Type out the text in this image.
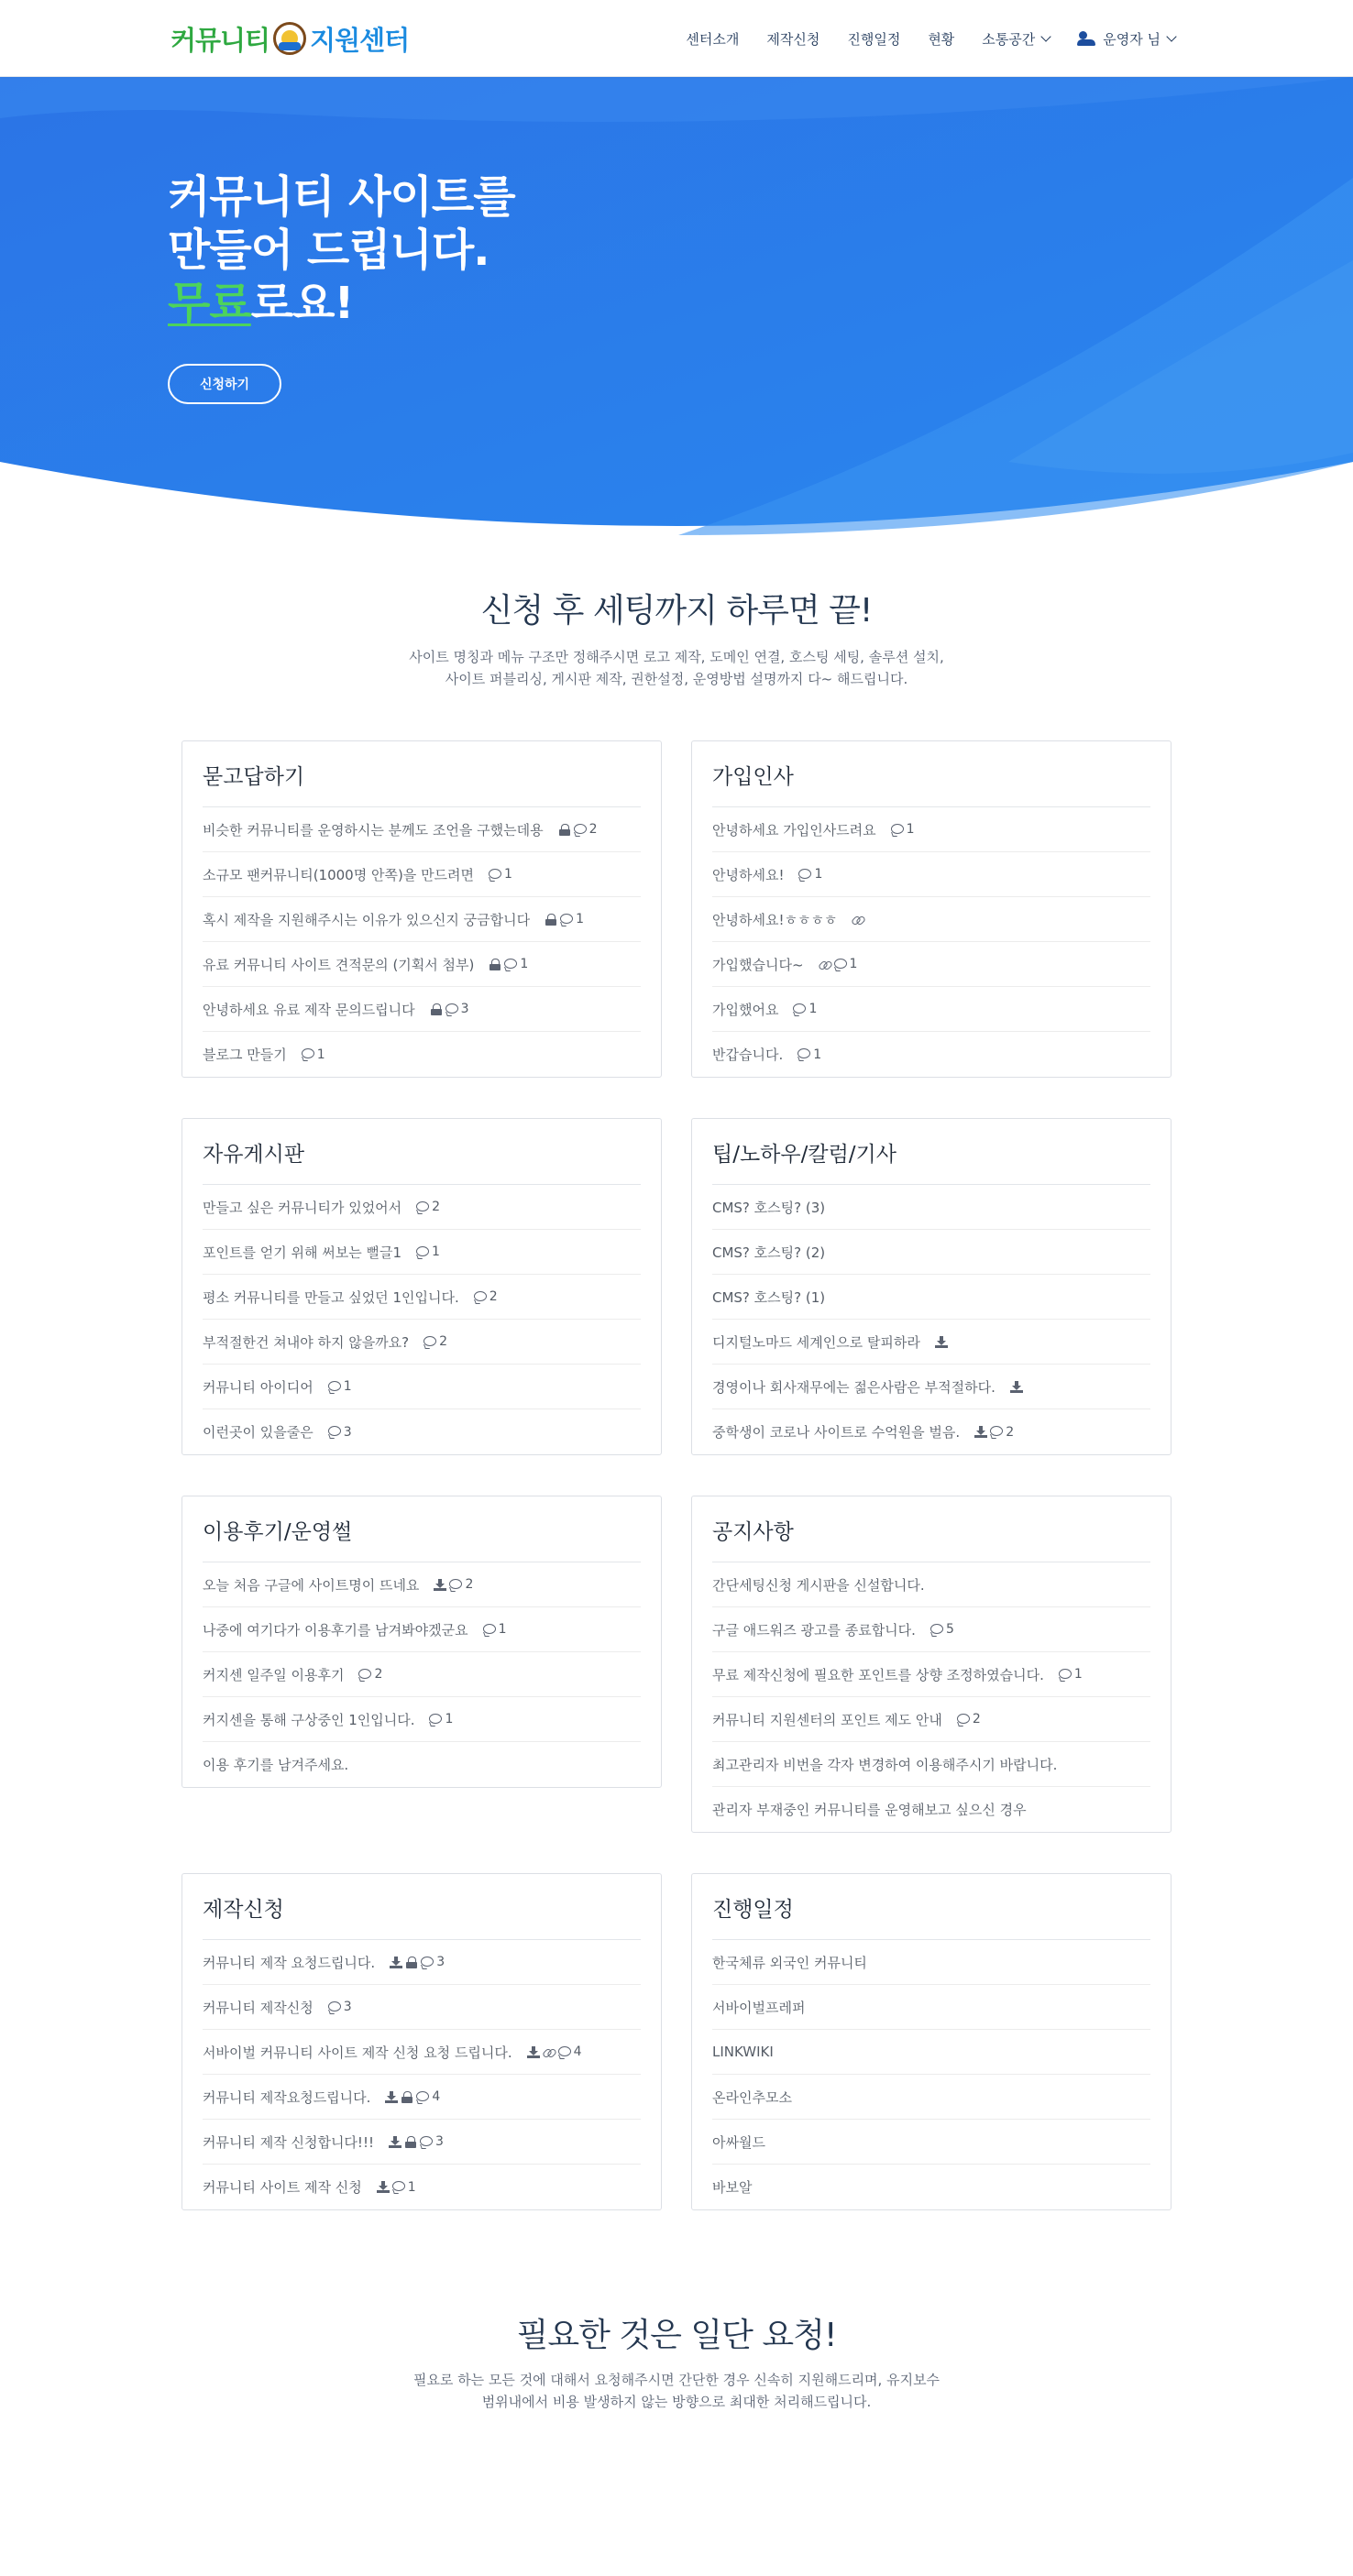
커뮤니티 지원센터	센터소개 제작신청 진행일정 현황 소통공간	운영자 님
커뮤니티 사이트를
만들어 드립니다.
무료로요!
신청하기
신청 후 세팅까지 하루면 끝!
사이트 명칭과 메뉴 구조만 정해주시면 로고 제작, 도메인 연결, 호스팅 세팅, 솔루션 설치,
사이트 퍼블리싱, 게시판 제작, 권한설정, 운영방법 설명까지 다~ 해드립니다.
묻고답하기
비슷한 커뮤니티를 운영하시는 분께도 조언을 구했는데용	2
소규모 팬커뮤니티(1000명 안쪽)을 만드려면 1
혹시 제작을 지원해주시는 이유가 있으신지 궁금합니다	1
유료 커뮤니티 사이트 견적문의 (기획서 첨부)	1
안녕하세요 유료 제작 문의드립니다	3
블로그 만들기 1
가입인사
안녕하세요 가입인사드려요 1
안녕하세요! 1
안녕하세요!ㅎㅎㅎㅎ
가입했습니다~	1
가입했어요 1
반갑습니다. 1
자유게시판
만들고 싶은 커뮤니티가 있었어서 2
포인트를 얻기 위해 써보는 뻘글1 1
평소 커뮤니티를 만들고 싶었던 1인입니다. 2
부적절한건 쳐내야 하지 않을까요? 2
커뮤니티 아이디어 1
이런곳이 있을줄은 3
팁/노하우/칼럼/기사
CMS? 호스팅? (3)
CMS? 호스팅? (2)
CMS? 호스팅? (1)
디지털노마드 세계인으로 탈피하라
경영이나 회사재무에는 젊은사람은 부적절하다.
중학생이 코로나 사이트로 수억원을 벌음.	2
이용후기/운영썰
오늘 처음 구글에 사이트명이 뜨네요	2
나중에 여기다가 이용후기를 남겨봐야겠군요 1
커지센 일주일 이용후기 2
커지센을 통해 구상중인 1인입니다. 1
이용 후기를 남겨주세요.
공지사항
간단세팅신청 게시판을 신설합니다.
구글 애드워즈 광고를 종료합니다. 5
무료 제작신청에 필요한 포인트를 상향 조정하였습니다. 1
커뮤니티 지원센터의 포인트 제도 안내 2
최고관리자 비번을 각자 변경하여 이용해주시기 바랍니다.
관리자 부재중인 커뮤니티를 운영해보고 싶으신 경우
제작신청
커뮤니티 제작 요청드립니다.	3
커뮤니티 제작신청 3
서바이벌 커뮤니티 사이트 제작 신청 요청 드립니다.	4
커뮤니티 제작요청드립니다.	4
커뮤니티 제작 신청합니다!!!	3
커뮤니티 사이트 제작 신청	1
진행일정
한국체류 외국인 커뮤니티
서바이벌프레퍼
LINKWIKI
온라인추모소
아싸월드
바보알
필요한 것은 일단 요청!
필요로 하는 모든 것에 대해서 요청해주시면 간단한 경우 신속히 지원해드리며, 유지보수
범위내에서 비용 발생하지 않는 방향으로 최대한 처리해드립니다.
